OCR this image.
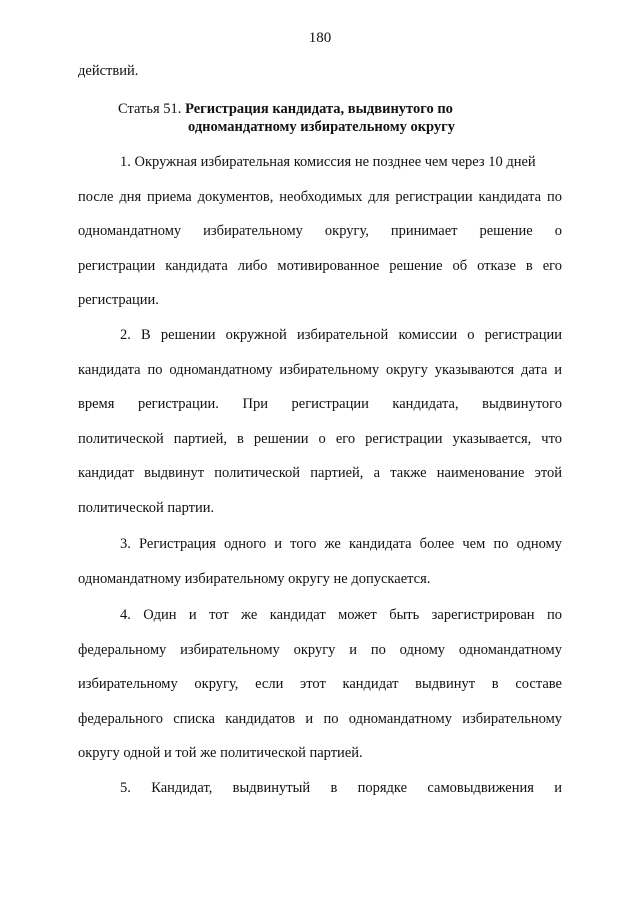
180
действий.
Статья 51. Регистрация кандидата, выдвинутого по
одномандатному избирательному округу
1. Окружная избирательная комиссия не позднее чем через 10 дней
после дня приема документов, необходимых для регистрации кандидата по
одномандатному избирательному округу, принимает решение о
регистрации кандидата либо мотивированное решение об отказе в его
регистрации.
2. В решении окружной избирательной комиссии о регистрации
кандидата по одномандатному избирательному округу указываются дата и
время регистрации. При регистрации кандидата, выдвинутого
политической партией, в решении о его регистрации указывается, что
кандидат выдвинут политической партией, а также наименование этой
политической партии.
3. Регистрация одного и того же кандидата более чем по одному
одномандатному избирательному округу не допускается.
4. Один и тот же кандидат может быть зарегистрирован по
федеральному избирательному округу и по одному одномандатному
избирательному округу, если этот кандидат выдвинут в составе
федерального списка кандидатов и по одномандатному избирательному
округу одной и той же политической партией.
5. Кандидат, выдвинутый в порядке самовыдвижения и
